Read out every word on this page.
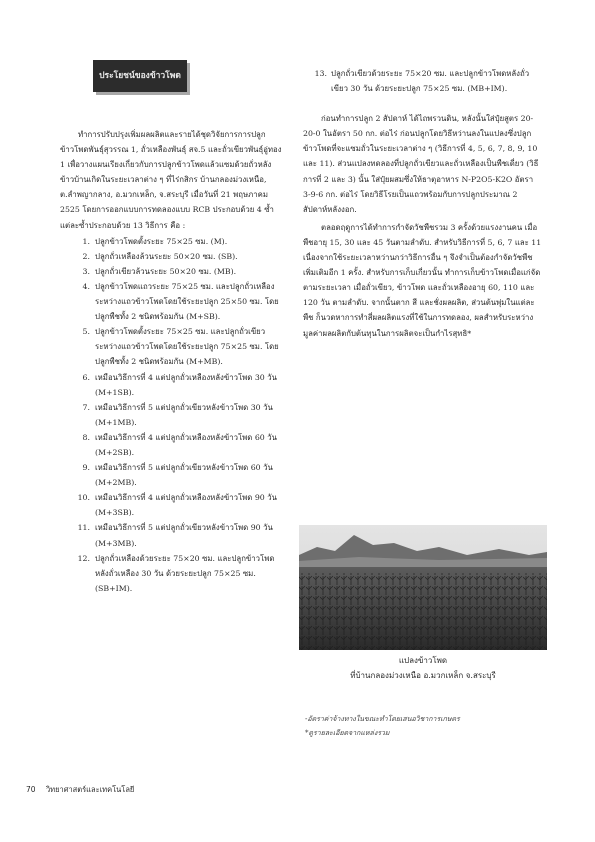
ประโยชน์ของข้าวโพด

ทำการปรับปรุงเพิ่มผลผลิตและรายได้ชุดวิจัยการการปลูกข้าวโพดพันธุ์สุวรรณ 1, ถั่วเหลืองพันธุ์ สจ.5 และถั่วเขียวพันธุ์อู่ทอง 1 เพื่อวางแผนเรียงเกี่ยวกับการปลูกข้าวโพดแล้วแซมด้วยถั่วหลังข้าวบ้านเกิดในระยะเวลาต่าง ๆ ที่ไร่กสิกร บ้านกลองม่วงเหนือ, ต.ลำพญากลาง, อ.มวกเหล็ก, จ.สระบุรี เมื่อวันที่ 21 พฤษภาคม 2525 โดยการออกแบบการทดลองแบบ RCB ประกอบด้วย 4 ซ้ำ แต่ละซ้ำประกอบด้วย 13 วิธีการ คือ :

1. ปลูกข้าวโพดตั้งระยะ 75×25 ซม. (M).
2. ปลูกถั่วเหลืองล้วนระยะ 50×20 ซม. (SB).
3. ปลูกถั่วเขียวล้วนระยะ 50×20 ซม. (MB).
4. ปลูกข้าวโพดแถวระยะ 75×25 ซม. และปลูกถั่วเหลืองระหว่างแถวข้าวโพดโดยใช้ระยะปลูก 25×50 ซม. โดยปลูกพืชทั้ง 2 ชนิดพร้อมกัน (M+SB).
5. ปลูกข้าวโพดตั้งระยะ 75×25 ซม. และปลูกถั่วเขียวระหว่างแถวข้าวโพดโดยใช้ระยะปลูก 75×25 ซม. โดยปลูกพืชทั้ง 2 ชนิดพร้อมกัน (M+MB).
6. เหมือนวิธีการที่ 4 แต่ปลูกถั่วเหลืองหลังข้าวโพด 30 วัน (M+1SB).
7. เหมือนวิธีการที่ 5 แต่ปลูกถั่วเขียวหลังข้าวโพด 30 วัน (M+1MB).
8. เหมือนวิธีการที่ 4 แต่ปลูกถั่วเหลืองหลังข้าวโพด 60 วัน (M+2SB).
9. เหมือนวิธีการที่ 5 แต่ปลูกถั่วเขียวหลังข้าวโพด 60 วัน (M+2MB).
10. เหมือนวิธีการที่ 4 แต่ปลูกถั่วเหลืองหลังข้าวโพด 90 วัน (M+3SB).
11. เหมือนวิธีการที่ 5 แต่ปลูกถั่วเขียวหลังข้าวโพด 90 วัน (M+3MB).
12. ปลูกถั่วเหลืองด้วยระยะ 75×20 ซม. และปลูกข้าวโพดหลังถั่วเหลือง 30 วัน ด้วยระยะปลูก 75×25 ซม. (SB+IM).
13. ปลูกถั่วเขียวด้วยระยะ 75×20 ซม. และปลูกข้าวโพดหลังถั่วเขียว 30 วัน ด้วยระยะปลูก 75×25 ซม. (MB+IM).

ก่อนทำการปลูก 2 สัปดาห์ ได้ไถพรวนดิน, หลังนั้นใส่ปุ๋ยสูตร 20-20-0 ในอัตรา 50 กก. ต่อไร่ ก่อนปลูกโดยวิธีหว่านลงในแปลงซึ่งปลูกข้าวโพดที่จะแซมถั่วในระยะเวลาต่าง ๆ (วิธีการที่ 4, 5, 6, 7, 8, 9, 10 และ 11). ส่วนแปลงทดลองที่ปลูกถั่วเขียวและถั่วเหลืองเป็นพืชเดี่ยว (วิธีการที่ 2 และ 3) นั้น ใส่ปุ๋ยผสมซึ่งให้ธาตุอาหาร N-P2O5-K2O อัตรา 3-9-6 กก. ต่อไร่ โดยวิธีโรยเป็นแถวพร้อมกับการปลูกประมาณ 2 สัปดาห์หลังงอก.

ตลอดฤดูการได้ทำการกำจัดวัชพืชรวม 3 ครั้งด้วยแรงงานคน เมื่อพืชอายุ 15, 30 และ 45 วันตามลำดับ. สำหรับวิธีการที่ 5, 6, 7 และ 11 เนื่องจากใช้ระยะเวลาหว่านกว่าวิธีการอื่น ๆ จึงจำเป็นต้องกำจัดวัชพืชเพิ่มเติมอีก 1 ครั้ง. สำหรับการเก็บเกี่ยวนั้น ทำการเก็บข้าวโพดเมื่อแก่จัดตามระยะเวลา เมื่อถั่วเขียว, ข้าวโพด และถั่วเหลืองอายุ 60, 110 และ 120 วัน ตามลำดับ. จากนั้นตาก สี และชั่งผลผลิต, ส่วนต้นพุ่มในแต่ละพืช ก็นวดหาการทำสี่ผลผลิตแรงที่ใช้ในการทดลอง, ผลสำหรับระหว่างมูลค่าผลผลิตกับต้นทุนในการผลิตจะเป็นกำไรสุทธิ*

แปลงข้าวโพด
ที่บ้านกลองม่วงเหนือ อ.มวกเหล็ก จ.สระบุรี
-อัตราค่าจ้างทางในขณะทำโดยเสนอวิชาการเกษตร
*ดูรายละเอียดจากแหล่งรวม
70 วิทยาศาสตร์และเทคโนโลยี
